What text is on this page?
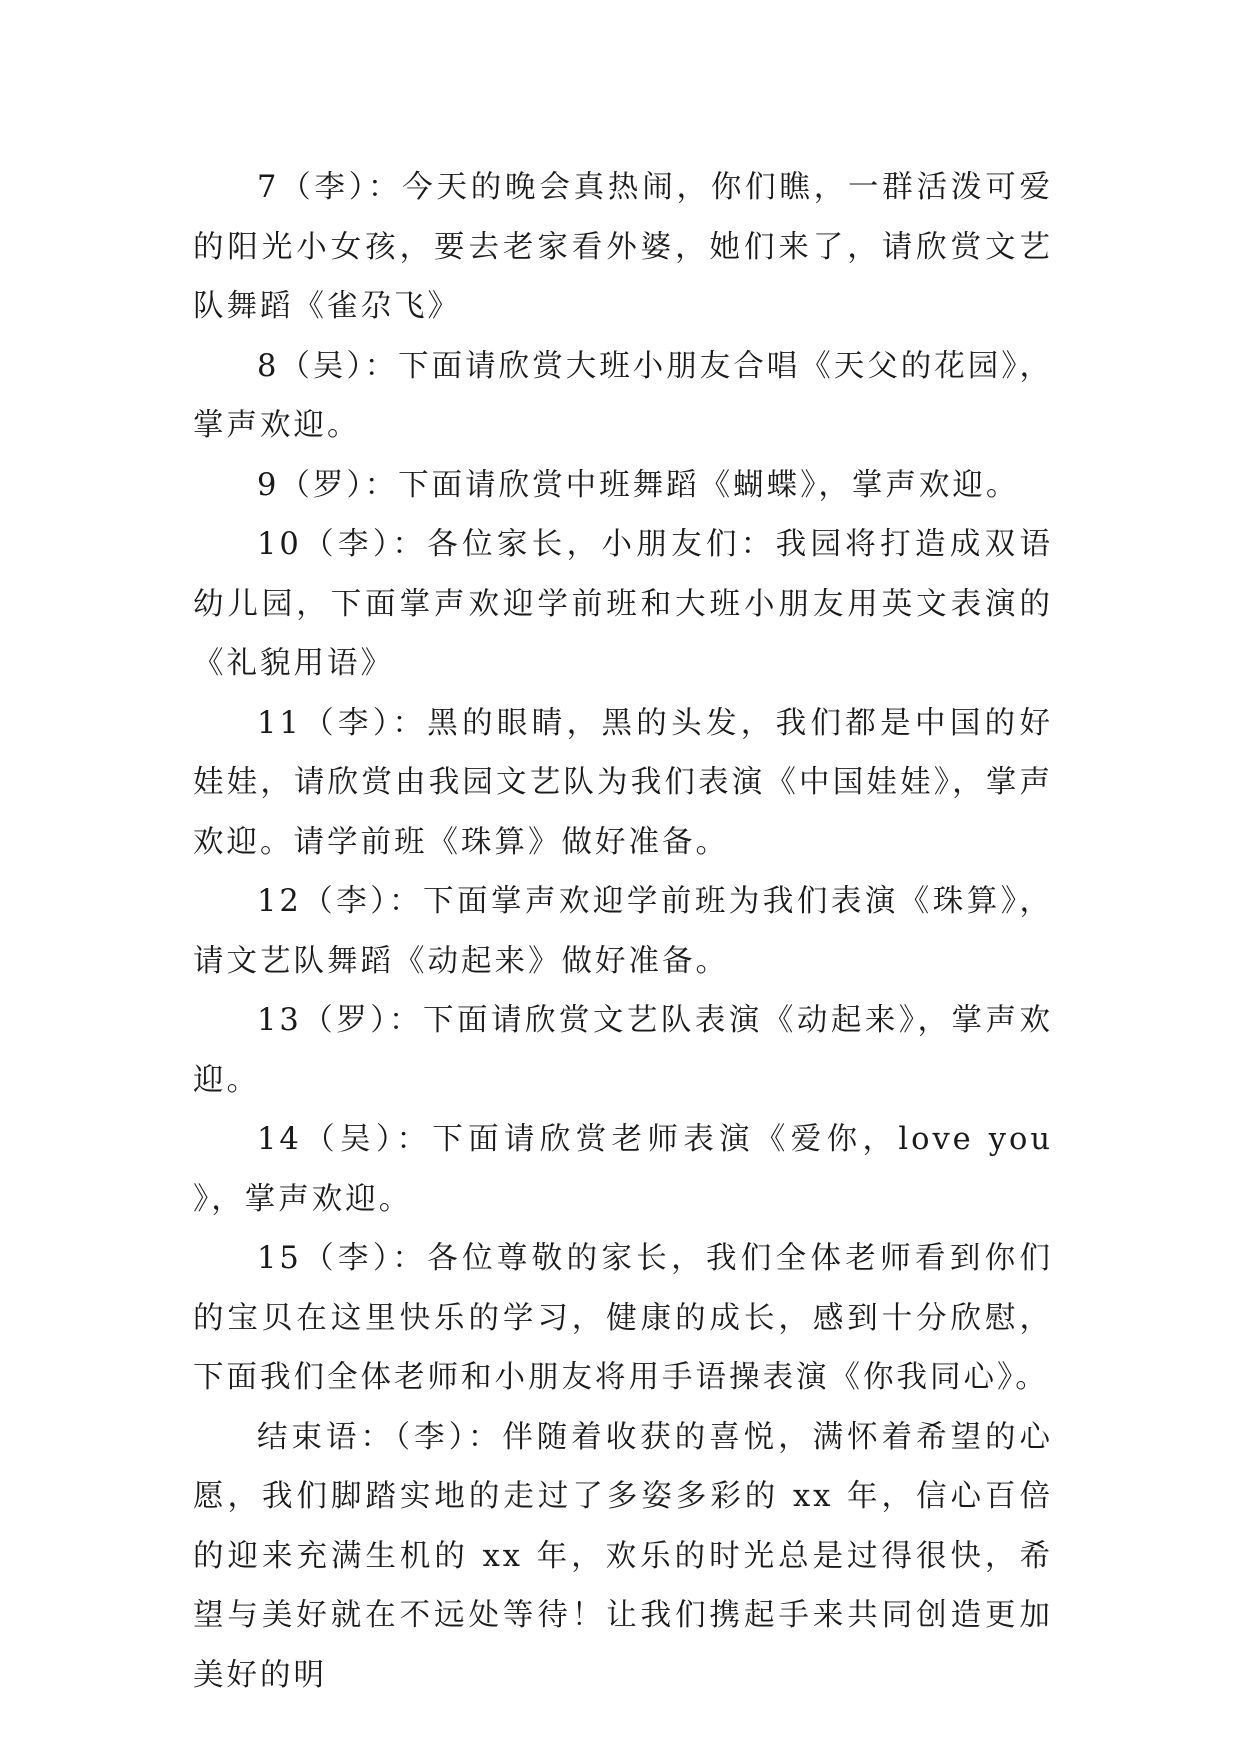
7（李）：今天的晚会真热闹，你们瞧，一群活泼可爱的阳光小女孩，要去老家看外婆，她们来了，请欣赏文艺队舞蹈《雀尕飞》

8（吴）：下面请欣赏大班小朋友合唱《天父的花园》，掌声欢迎。

9（罗）：下面请欣赏中班舞蹈《蝴蝶》，掌声欢迎。

10（李）：各位家长，小朋友们：我园将打造成双语幼儿园，下面掌声欢迎学前班和大班小朋友用英文表演的《礼貌用语》

11（李）：黑的眼睛，黑的头发，我们都是中国的好娃娃，请欣赏由我园文艺队为我们表演《中国娃娃》，掌声欢迎。请学前班《珠算》做好准备。

12（李）：下面掌声欢迎学前班为我们表演《珠算》，请文艺队舞蹈《动起来》做好准备。

13（罗）：下面请欣赏文艺队表演《动起来》，掌声欢迎。

14（吴）：下面请欣赏老师表演《爱你，love you 》，掌声欢迎。

15（李）：各位尊敬的家长，我们全体老师看到你们的宝贝在这里快乐的学习，健康的成长，感到十分欣慰，下面我们全体老师和小朋友将用手语操表演《你我同心》。

结束语：（李）：伴随着收获的喜悦，满怀着希望的心愿，我们脚踏实地的走过了多姿多彩的 xx 年，信心百倍的迎来充满生机的 xx 年，欢乐的时光总是过得很快，希望与美好就在不远处等待！让我们携起手来共同创造更加美好的明
